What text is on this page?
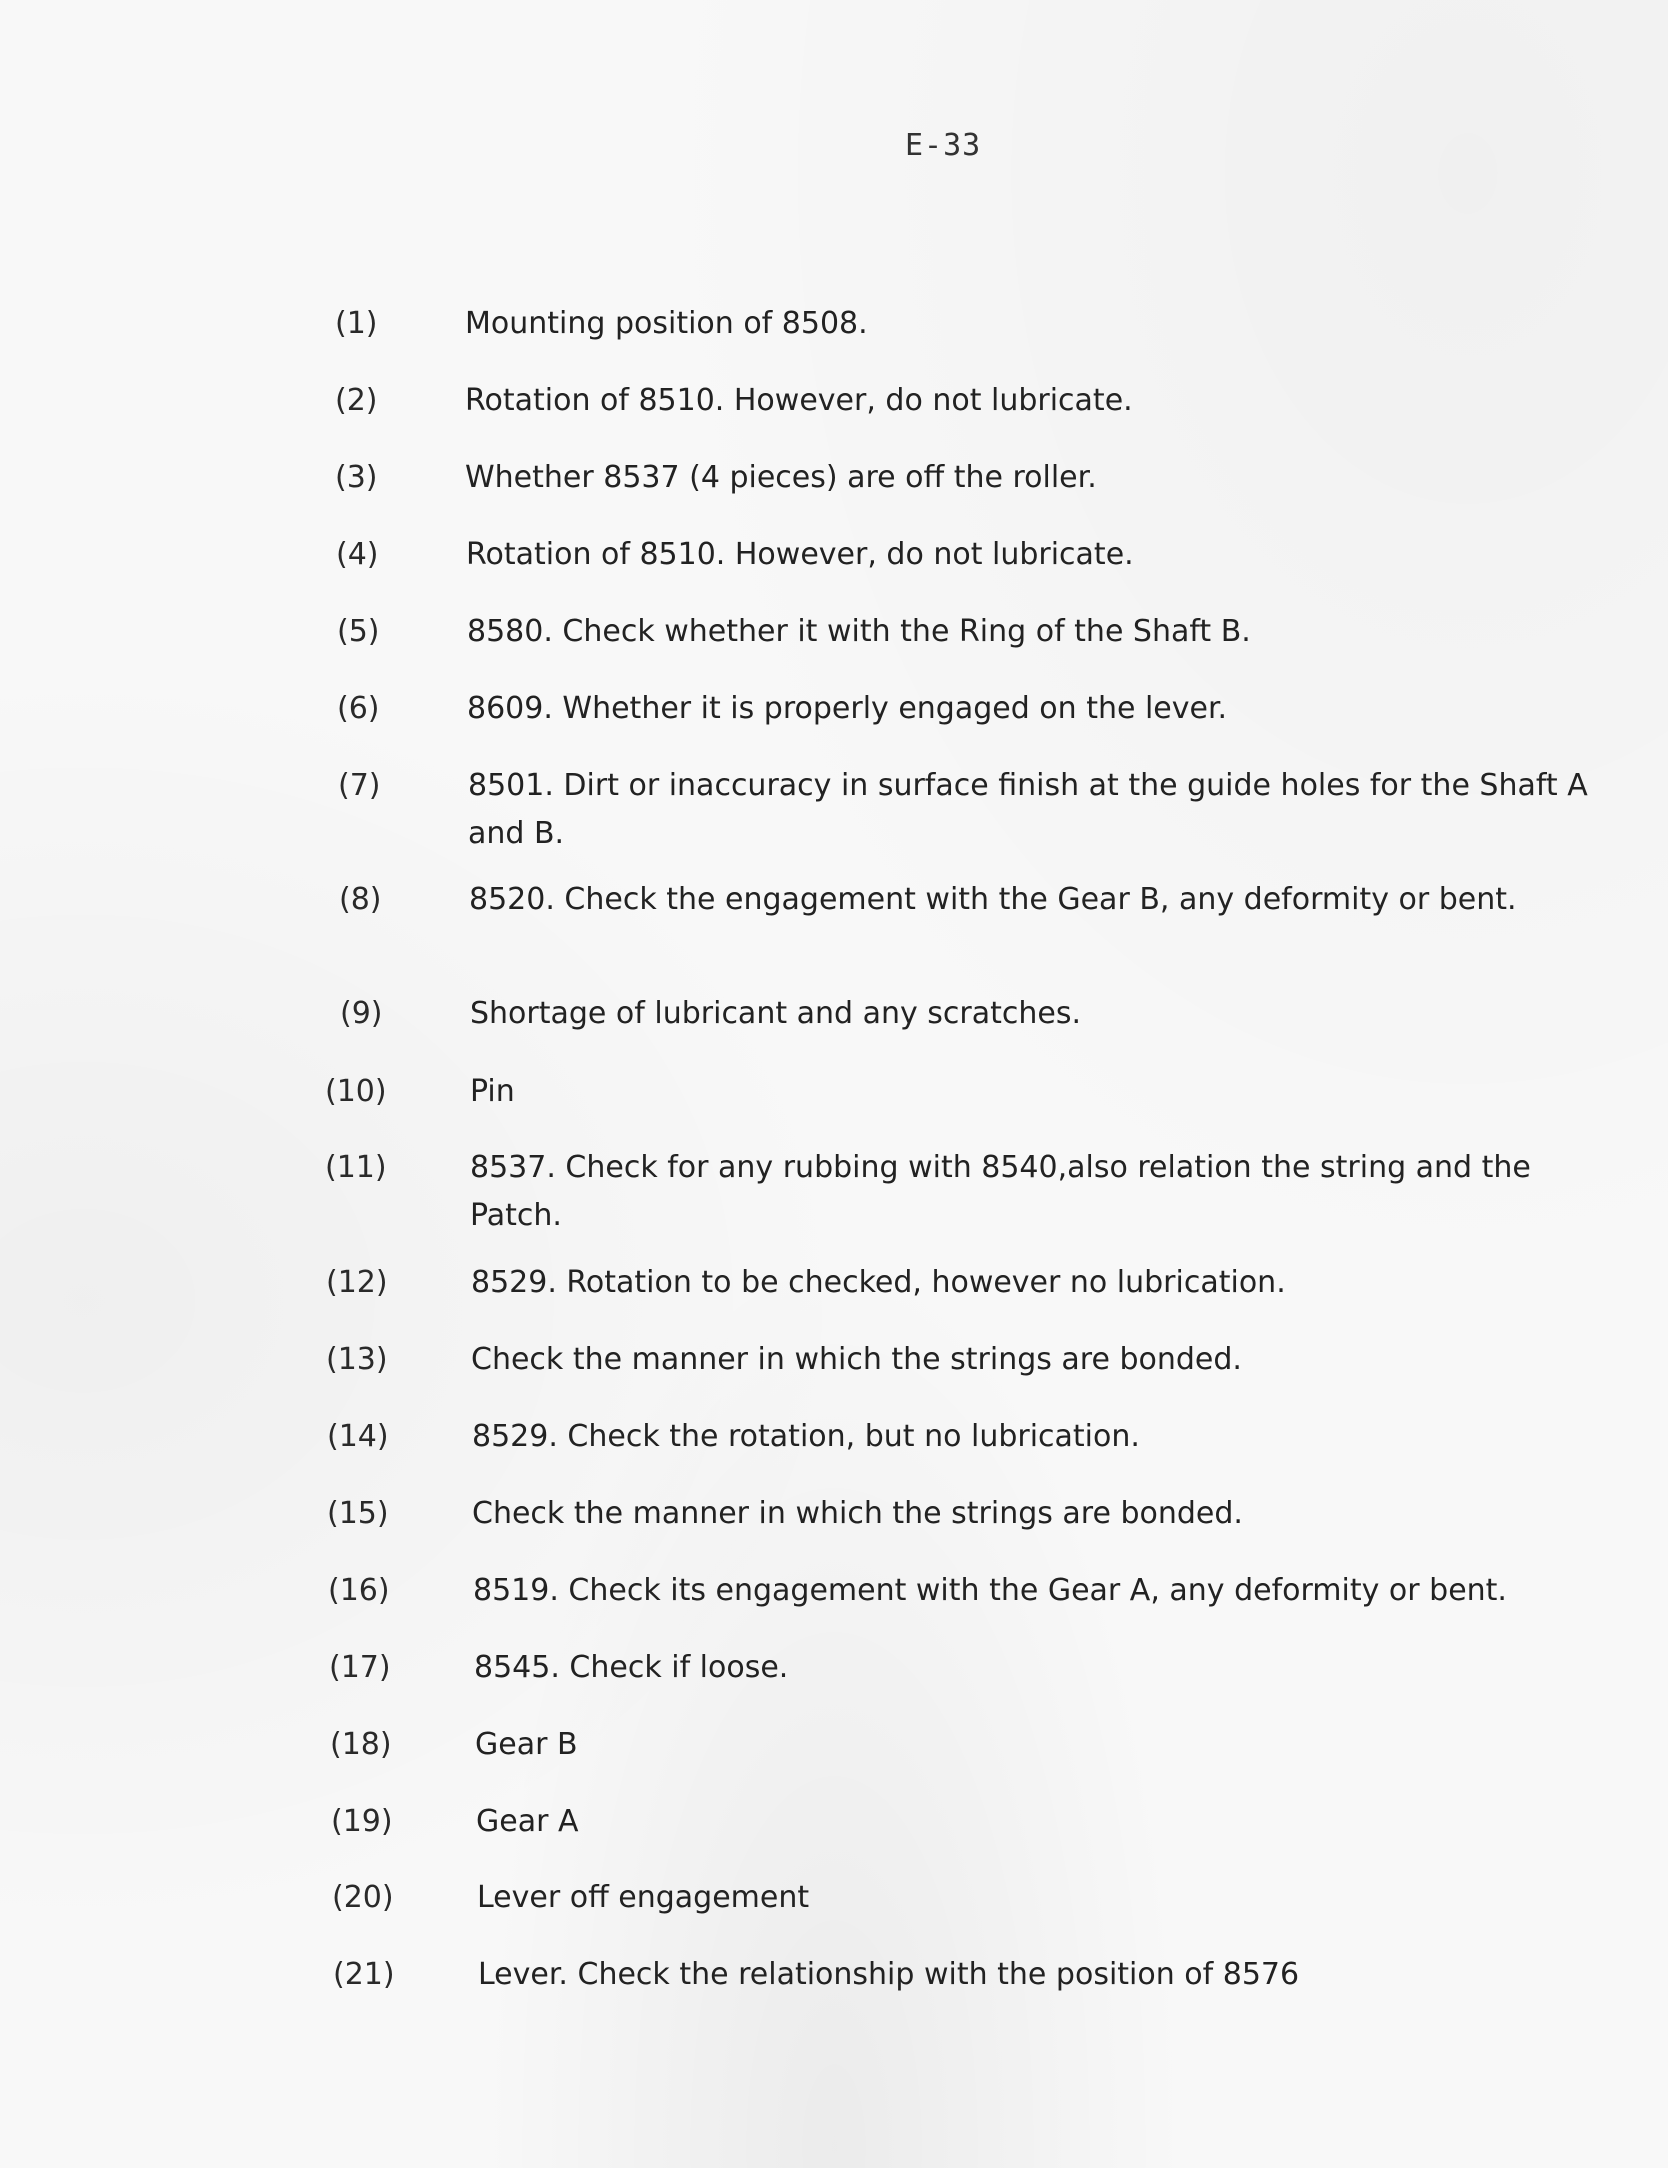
E-33
(1)	Mounting position of 8508.
(2)	Rotation of 8510. However, do not lubricate.
(3)	Whether 8537 (4 pieces) are off the roller.
(4)	Rotation of 8510. However, do not lubricate.
(5)	8580. Check whether it with the Ring of the Shaft B.
(6)	8609. Whether it is properly engaged on the lever.
(7)	8501. Dirt or inaccuracy in surface finish at the guide holes for the Shaft A and B.
(8)	8520. Check the engagement with the Gear B, any deformity or bent.
(9)	Shortage of lubricant and any scratches.
(10)	Pin
(11)	8537. Check for any rubbing with 8540,also relation the string and the Patch.
(12)	8529. Rotation to be checked, however no lubrication.
(13)	Check the manner in which the strings are bonded.
(14)	8529. Check the rotation, but no lubrication.
(15)	Check the manner in which the strings are bonded.
(16)	8519. Check its engagement with the Gear A, any deformity or bent.
(17)	8545. Check if loose.
(18)	Gear B
(19)	Gear A
(20)	Lever off engagement
(21)	Lever. Check the relationship with the position of 8576
